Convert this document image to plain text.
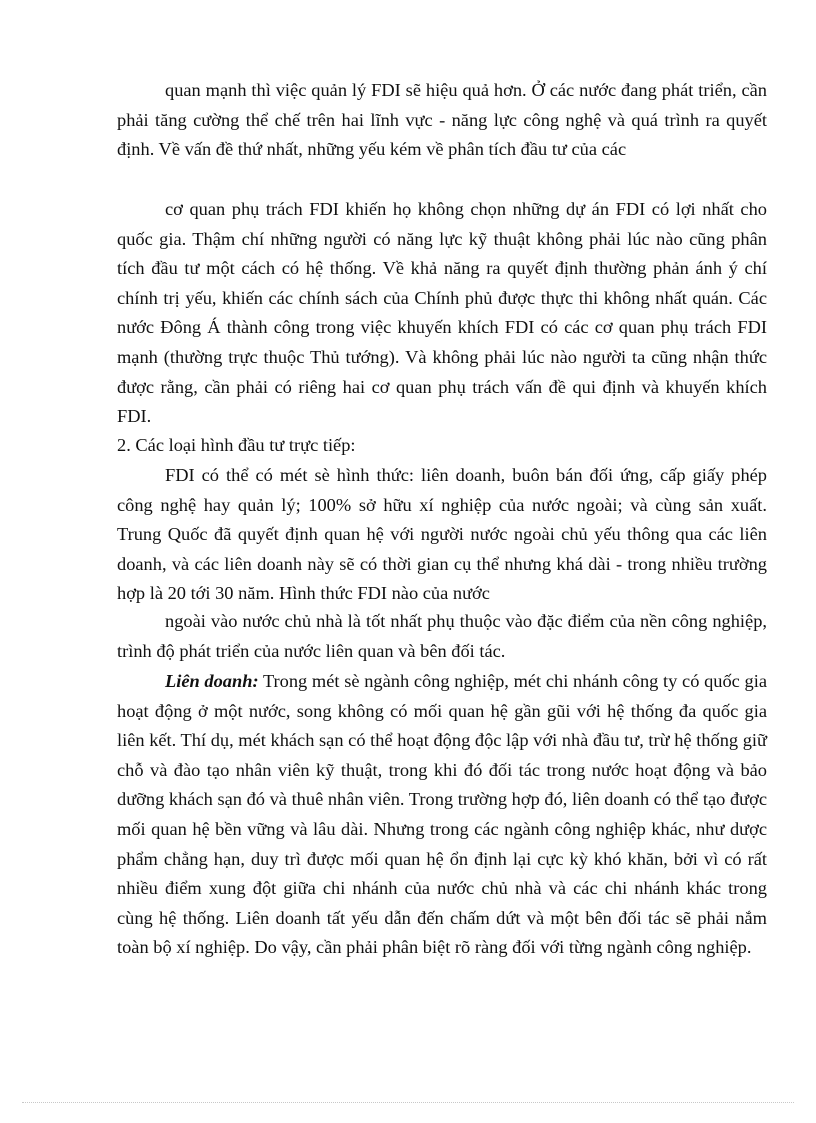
quan mạnh thì việc quản lý FDI sẽ hiệu quả hơn. Ở các nước đang phát triển, cần phải tăng cường thể chế trên hai lĩnh vực - năng lực công nghệ và quá trình ra quyết định. Về vấn đề thứ nhất, những yếu kém về phân tích đầu tư của các

cơ quan phụ trách FDI khiến họ không chọn những dự án FDI có lợi nhất cho quốc gia. Thậm chí những người có năng lực kỹ thuật không phải lúc nào cũng phân tích đầu tư một cách có hệ thống. Về khả năng ra quyết định thường phản ánh ý chí chính trị yếu, khiến các chính sách của Chính phủ được thực thi không nhất quán. Các nước Đông Á thành công trong việc khuyến khích FDI có các cơ quan phụ trách FDI mạnh (thường trực thuộc Thủ tướng). Và không phải lúc nào người ta cũng nhận thức được rằng, cần phải có riêng hai cơ quan phụ trách vấn đề qui định và khuyến khích FDI.

2. Các loại hình đầu tư trực tiếp:

FDI có thể có mét sè hình thức: liên doanh, buôn bán đối ứng, cấp giấy phép công nghệ hay quản lý; 100% sở hữu xí nghiệp của nước ngoài; và cùng sản xuất. Trung Quốc đã quyết định quan hệ với người nước ngoài chủ yếu thông qua các liên doanh, và các liên doanh này sẽ có thời gian cụ thể nhưng khá dài - trong nhiều trường hợp là 20 tới 30 năm. Hình thức FDI nào của nước

ngoài vào nước chủ nhà là tốt nhất phụ thuộc vào đặc điểm của nền công nghiệp, trình độ phát triển của nước liên quan và bên đối tác.

Liên doanh: Trong mét sè ngành công nghiệp, mét chi nhánh công ty có quốc gia hoạt động ở một nước, song không có mối quan hệ gần gũi với hệ thống đa quốc gia liên kết. Thí dụ, mét khách sạn có thể hoạt động độc lập với nhà đầu tư, trừ hệ thống giữ chỗ và đào tạo nhân viên kỹ thuật, trong khi đó đối tác trong nước hoạt động và bảo dưỡng khách sạn đó và thuê nhân viên. Trong trường hợp đó, liên doanh có thể tạo được mối quan hệ bền vững và lâu dài. Nhưng trong các ngành công nghiệp khác, như dược phẩm chẳng hạn, duy trì được mối quan hệ ổn định lại cực kỳ khó khăn, bởi vì có rất nhiều điểm xung đột giữa chi nhánh của nước chủ nhà và các chi nhánh khác trong cùng hệ thống. Liên doanh tất yếu dẫn đến chấm dứt và một bên đối tác sẽ phải nắm toàn bộ xí nghiệp. Do vậy, cần phải phân biệt rõ ràng đối với từng ngành công nghiệp.
